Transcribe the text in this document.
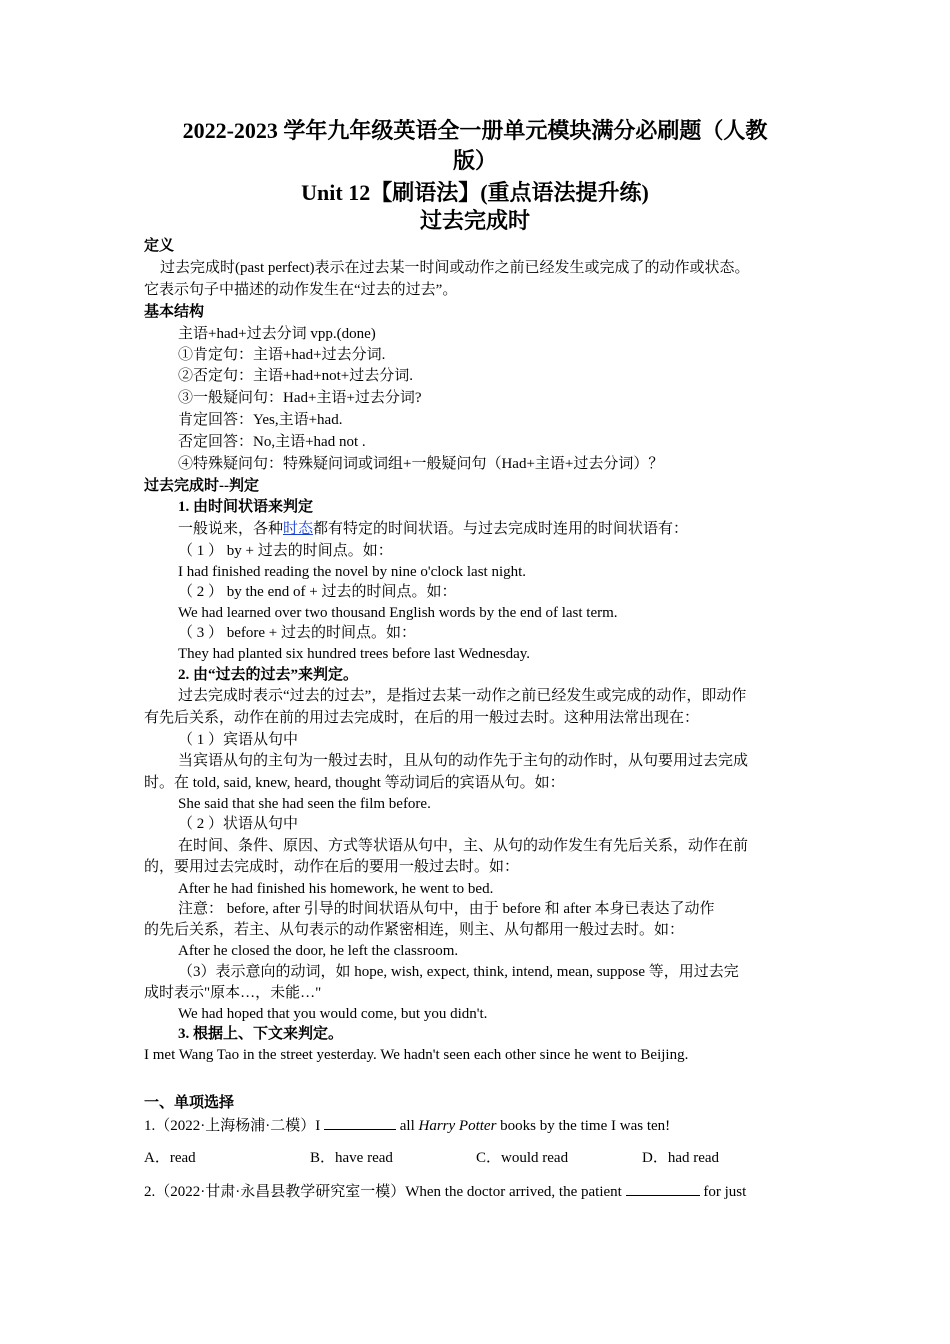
2022-2023 学年九年级英语全一册单元模块满分必刷题（人教
版）
Unit 12【刷语法】(重点语法提升练)
过去完成时
定义
过去完成时(past perfect)表示在过去某一时间或动作之前已经发生或完成了的动作或状态。
它表示句子中描述的动作发生在“过去的过去”。
基本结构
主语+had+过去分词 vpp.(done)
①肯定句：主语+had+过去分词.
②否定句：主语+had+not+过去分词.
③一般疑问句：Had+主语+过去分词?
肯定回答：Yes,主语+had.
否定回答：No,主语+had not .
④特殊疑问句：特殊疑问词或词组+一般疑问句（Had+主语+过去分词）？
过去完成时--判定
1. 由时间状语来判定
一般说来，各种时态都有特定的时间状语。与过去完成时连用的时间状语有：
（ 1 ） by + 过去的时间点。如：
I had finished reading the novel by nine o'clock last night.
（ 2 ） by the end of + 过去的时间点。如：
We had learned over two thousand English words by the end of last term.
（ 3 ） before + 过去的时间点。如：
They had planted six hundred trees before last Wednesday.
2. 由“过去的过去”来判定。
过去完成时表示“过去的过去”，是指过去某一动作之前已经发生或完成的动作，即动作
有先后关系，动作在前的用过去完成时，在后的用一般过去时。这种用法常出现在：
（ 1 ）宾语从句中
当宾语从句的主句为一般过去时，且从句的动作先于主句的动作时，从句要用过去完成
时。在 told, said, knew, heard, thought 等动词后的宾语从句。如：
She said that she had seen the film before.
（ 2 ）状语从句中
在时间、条件、原因、方式等状语从句中，主、从句的动作发生有先后关系，动作在前
的，要用过去完成时，动作在后的要用一般过去时。如：
After he had finished his homework, he went to bed.
注意： before, after 引导的时间状语从句中，由于 before 和 after 本身已表达了动作
的先后关系，若主、从句表示的动作紧密相连，则主、从句都用一般过去时。如：
After he closed the door, he left the classroom.
（3）表示意向的动词，如 hope, wish, expect, think, intend, mean, suppose 等，用过去完
成时表示"原本…，未能…"
We had hoped that you would come, but you didn't.
3. 根据上、下文来判定。
I met Wang Tao in the street yesterday. We hadn't seen each other since he went to Beijing.
一、单项选择
1.（2022·上海杨浦·二模）I	all Harry Potter books by the time I was ten!
A．read	B．have read	C．would read	D．had read
2.（2022·甘肃·永昌县教学研究室一模）When the doctor arrived, the patient	for just
